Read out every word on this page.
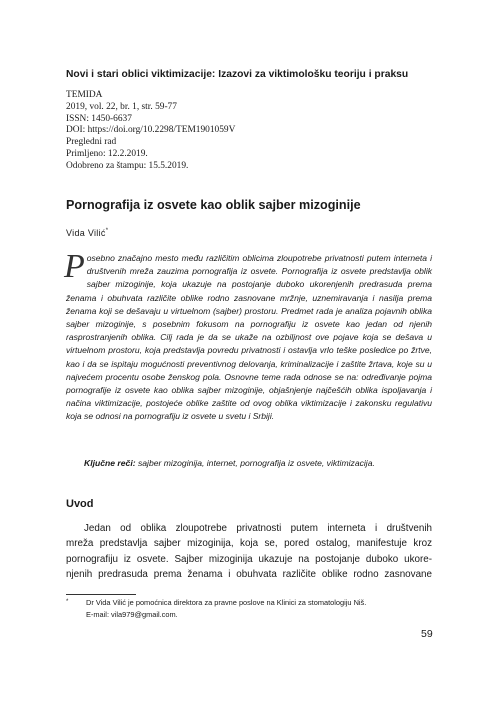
Novi i stari oblici viktimizacije: Izazovi za viktimološku teoriju i praksu
TEMIDA
2019, vol. 22, br. 1, str. 59-77
ISSN: 1450-6637
DOI: https://doi.org/10.2298/TEM1901059V
Pregledni rad
Primljeno: 12.2.2019.
Odobreno za štampu: 15.5.2019.
Pornografija iz osvete kao oblik sajber mizoginije
Vida Vilić*
Posebno značajno mesto među različitim oblicima zloupotrebe privatnosti putem interneta i društvenih mreža zauzima pornografija iz osvete. Pornografija iz osvete predstavlja oblik sajber mizoginije, koja ukazuje na postojanje duboko ukorenjenih predrasuda prema ženama i obuhvata različite oblike rodno zasnovane mržnje, uznemiravanja i nasilja prema ženama koji se dešavaju u virtuelnom (sajber) prostoru. Predmet rada je analiza pojavnih oblika sajber mizoginije, s posebnim fokusom na pornografiju iz osvete kao jedan od njenih rasprostranjenih oblika. Cilj rada je da se ukaže na ozbiljnost ove pojave koja se dešava u virtuelnom prostoru, koja predstavlja povredu privatnosti i ostavlja vrlo teške posledice po žrtve, kao i da se ispitaju mogućnosti preventivnog delovanja, kriminalizacije i zaštite žrtava, koje su u najvećem procentu osobe ženskog pola. Osnovne teme rada odnose se na: određivanje pojma pornografije iz osvete kao oblika sajber mizoginije, objašnjenje najčešćih oblika ispoljavanja i načina viktimizacije, postojeće oblike zaštite od ovog oblika viktimizacije i zakonsku regulativu koja se odnosi na pornografiju iz osvete u svetu i Srbiji.
Ključne reči: sajber mizoginija, internet, pornografija iz osvete, viktimizacija.
Uvod
Jedan od oblika zloupotrebe privatnosti putem interneta i društvenih
mreža predstavlja sajber mizoginija, koja se, pored ostalog, manifestuje kroz
pornografiju iz osvete. Sajber mizoginija ukazuje na postojanje duboko ukore-
njenih predrasuda prema ženama i obuhvata različite oblike rodno zasnovane
* Dr Vida Vilić je pomoćnica direktora za pravne poslove na Klinici za stomatologiju Niš.
E-mail: vila979@gmail.com.
59
